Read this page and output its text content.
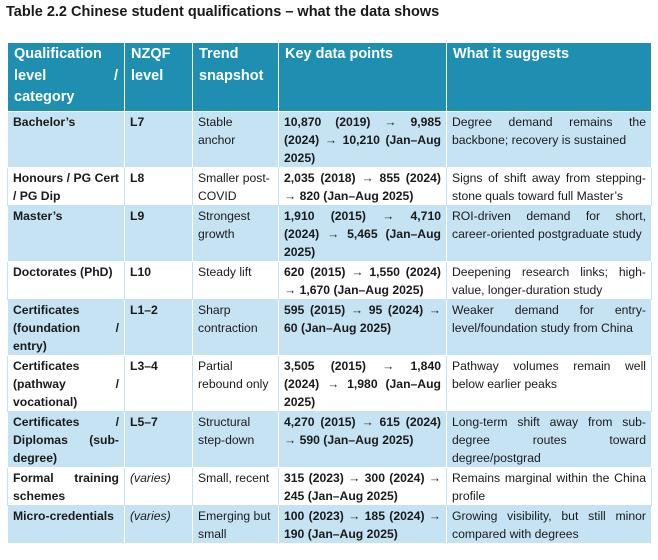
Table 2.2 Chinese student qualifications – what the data shows
Qualification level / category	NZQF level	Trend snapshot	Key data points	What it suggests
Bachelor’s	L7	Stable anchor	10,870 (2019) → 9,985 (2024) → 10,210 (Jan–Aug 2025)	Degree demand remains the backbone; recovery is sustained
Honours / PG Cert / PG Dip	L8	Smaller post-COVID	2,035 (2018) → 855 (2024) → 820 (Jan–Aug 2025)	Signs of shift away from stepping-stone quals toward full Master’s
Master’s	L9	Strongest growth	1,910 (2015) → 4,710 (2024) → 5,465 (Jan–Aug 2025)	ROI-driven demand for short, career-oriented postgraduate study
Doctorates (PhD)	L10	Steady lift	620 (2015) → 1,550 (2024) → 1,670 (Jan–Aug 2025)	Deepening research links; high-value, longer-duration study
Certificates (foundation / entry)	L1–2	Sharp contraction	595 (2015) → 95 (2024) → 60 (Jan–Aug 2025)	Weaker demand for entry-level/foundation study from China
Certificates (pathway / vocational)	L3–4	Partial rebound only	3,505 (2015) → 1,840 (2024) → 1,980 (Jan–Aug 2025)	Pathway volumes remain well below earlier peaks
Certificates / Diplomas (sub-degree)	L5–7	Structural step-down	4,270 (2015) → 615 (2024) → 590 (Jan–Aug 2025)	Long-term shift away from sub-degree routes toward degree/postgrad
Formal training schemes	(varies)	Small, recent	315 (2023) → 300 (2024) → 245 (Jan–Aug 2025)	Remains marginal within the China profile
Micro-credentials	(varies)	Emerging but small	100 (2023) → 185 (2024) → 190 (Jan–Aug 2025)	Growing visibility, but still minor compared with degrees
